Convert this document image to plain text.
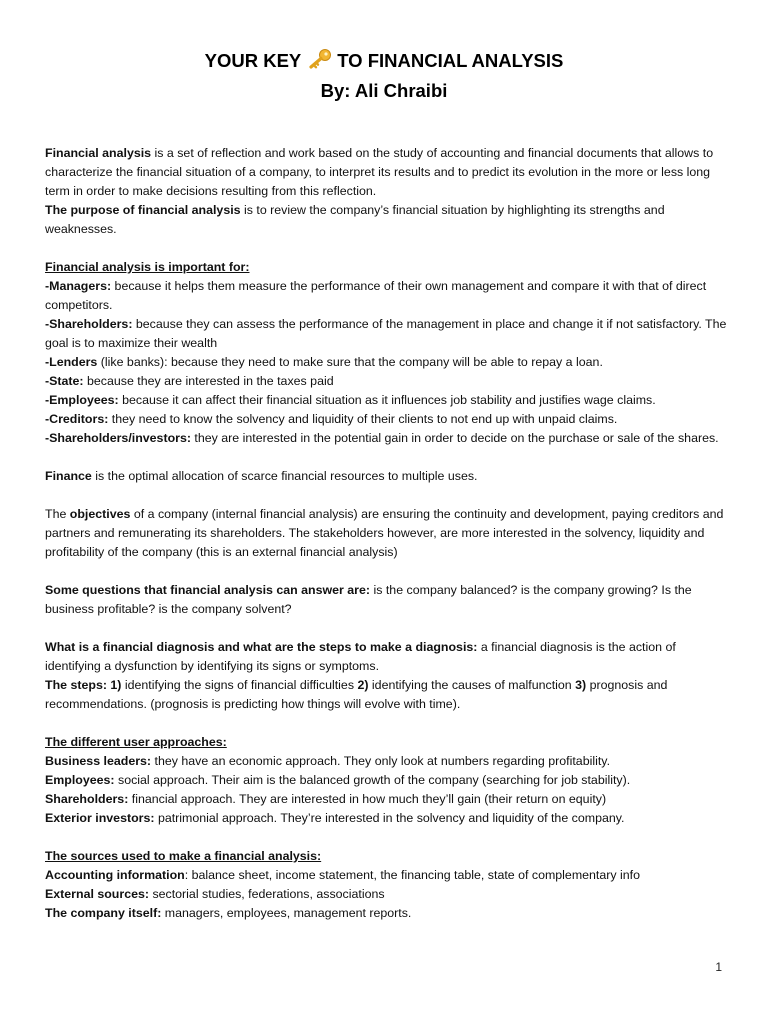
YOUR KEY TO FINANCIAL ANALYSIS
By: Ali Chraibi

Financial analysis is a set of reflection and work based on the study of accounting and financial documents that allows to characterize the financial situation of a company, to interpret its results and to predict its evolution in the more or less long term in order to make decisions resulting from this reflection.

The purpose of financial analysis is to review the company’s financial situation by highlighting its strengths and weaknesses.

Financial analysis is important for:

-Managers: because it helps them measure the performance of their own management and compare it with that of direct competitors.

-Shareholders: because they can assess the performance of the management in place and change it if not satisfactory. The goal is to maximize their wealth

-Lenders (like banks): because they need to make sure that the company will be able to repay a loan.

-State: because they are interested in the taxes paid

-Employees: because it can affect their financial situation as it influences job stability and justifies wage claims.

-Creditors: they need to know the solvency and liquidity of their clients to not end up with unpaid claims.

-Shareholders/investors: they are interested in the potential gain in order to decide on the purchase or sale of the shares.

Finance is the optimal allocation of scarce financial resources to multiple uses.

The objectives of a company (internal financial analysis) are ensuring the continuity and development, paying creditors and partners and remunerating its shareholders. The stakeholders however, are more interested in the solvency, liquidity and profitability of the company (this is an external financial analysis)

Some questions that financial analysis can answer are: is the company balanced? is the company growing? Is the business profitable? is the company solvent?

What is a financial diagnosis and what are the steps to make a diagnosis: a financial diagnosis is the action of identifying a dysfunction by identifying its signs or symptoms.

The steps: 1) identifying the signs of financial difficulties 2) identifying the causes of malfunction 3) prognosis and recommendations. (prognosis is predicting how things will evolve with time).

The different user approaches:

Business leaders: they have an economic approach. They only look at numbers regarding profitability.

Employees: social approach. Their aim is the balanced growth of the company (searching for job stability).

Shareholders: financial approach. They are interested in how much they’ll gain (their return on equity)

Exterior investors: patrimonial approach. They’re interested in the solvency and liquidity of the company.

The sources used to make a financial analysis:

Accounting information: balance sheet, income statement, the financing table, state of complementary info

External sources: sectorial studies, federations, associations

The company itself: managers, employees, management reports.

1
